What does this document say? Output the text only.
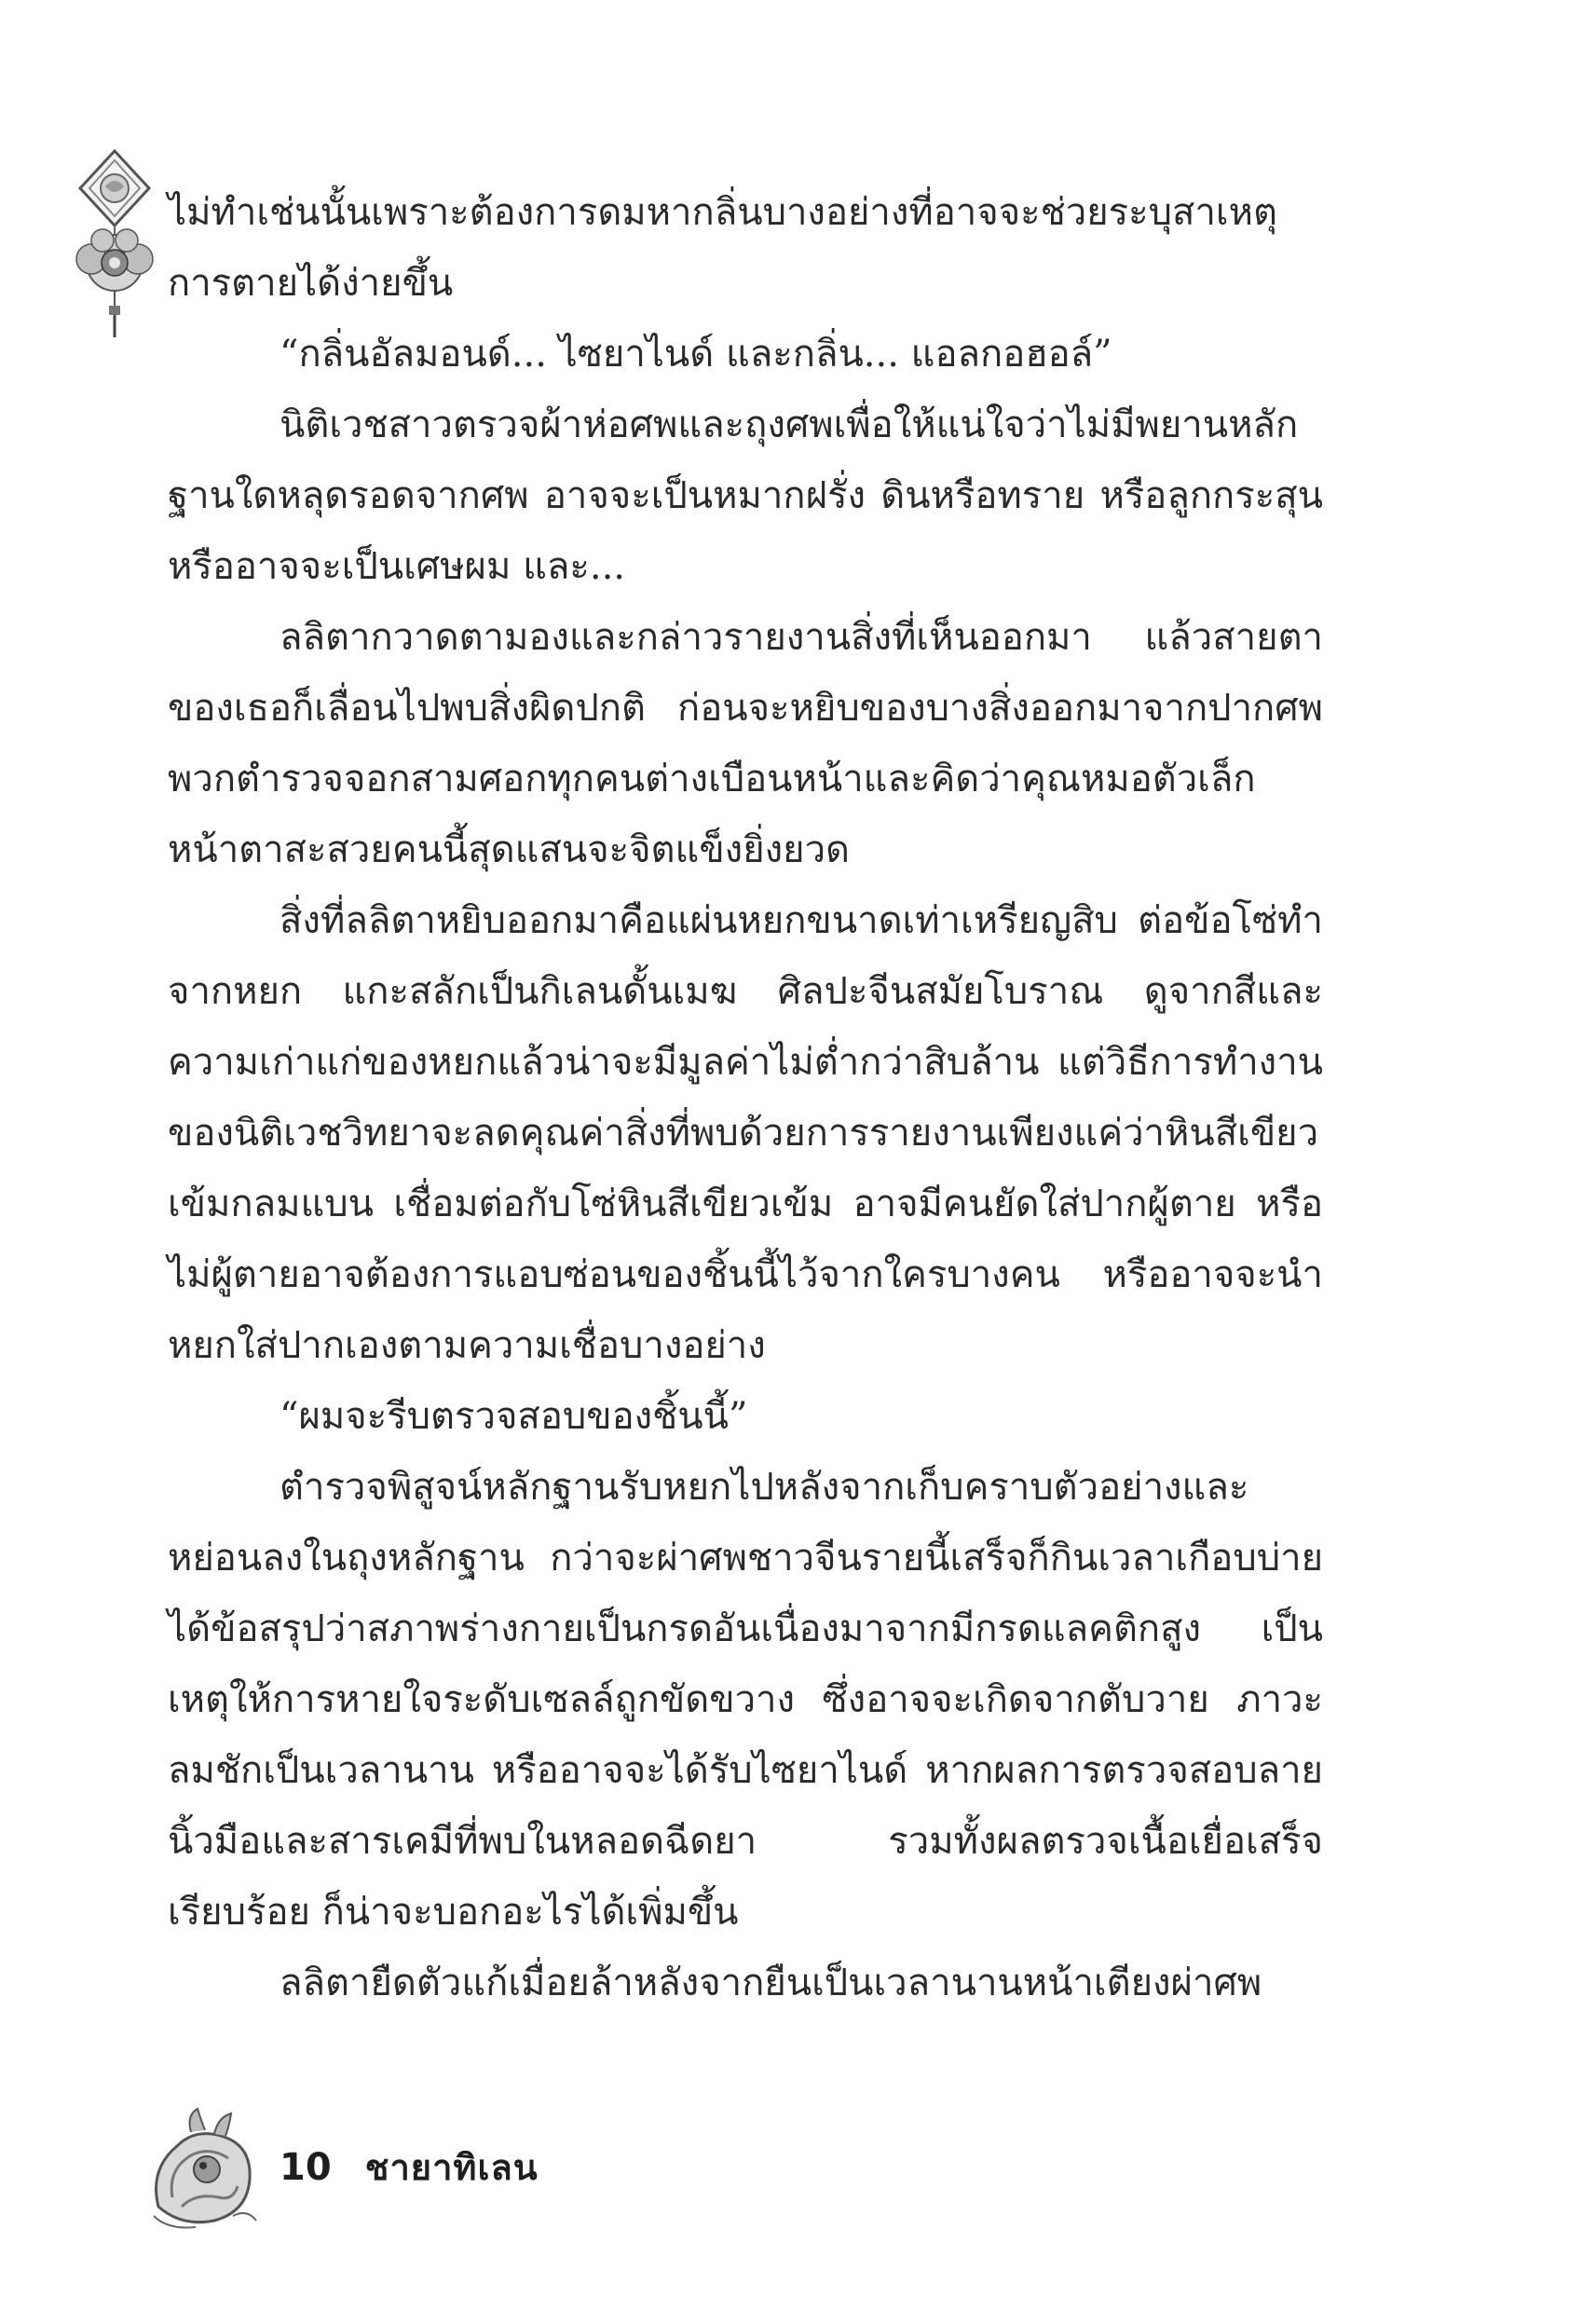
ไม่ทำเช่นนั้นเพราะต้องการดมหากลิ่นบางอย่างที่อาจจะช่วยระบุสาเหตุการตายได้ง่ายขึ้น

“กลิ่นอัลมอนด์... ไซยาไนด์ และกลิ่น... แอลกอฮอล์”

นิติเวชสาวตรวจผ้าห่อศพและถุงศพเพื่อให้แน่ใจว่าไม่มีพยานหลักฐานใดหลุดรอดจากศพ อาจจะเป็นหมากฝรั่ง ดินหรือทราย หรือลูกกระสุน หรืออาจจะเป็นเศษผม และ...

ลลิตากวาดตามองและกล่าวรายงานสิ่งที่เห็นออกมา แล้วสายตาของเธอก็เลื่อนไปพบสิ่งผิดปกติ ก่อนจะหยิบของบางสิ่งออกมาจากปากศพ พวกตำรวจจอกสามศอกทุกคนต่างเบือนหน้าและคิดว่าคุณหมอตัวเล็กหน้าตาสะสวยคนนี้สุดแสนจะจิตแข็งยิ่งยวด

สิ่งที่ลลิตาหยิบออกมาคือแผ่นหยกขนาดเท่าเหรียญสิบ ต่อข้อโซ่ทำจากหยก แกะสลักเป็นกิเลนดั้นเมฆ ศิลปะจีนสมัยโบราณ ดูจากสีและความเก่าแก่ของหยกแล้วน่าจะมีมูลค่าไม่ต่ำกว่าสิบล้าน แต่วิธีการทำงานของนิติเวชวิทยาจะลดคุณค่าสิ่งที่พบด้วยการรายงานเพียงแค่ว่าหินสีเขียวเข้มกลมแบน เชื่อมต่อกับโซ่หินสีเขียวเข้ม อาจมีคนยัดใส่ปากผู้ตาย หรือไม่ผู้ตายอาจต้องการแอบซ่อนของชิ้นนี้ไว้จากใครบางคน หรืออาจจะนำหยกใส่ปากเองตามความเชื่อบางอย่าง

“ผมจะรีบตรวจสอบของชิ้นนี้”

ตำรวจพิสูจน์หลักฐานรับหยกไปหลังจากเก็บคราบตัวอย่างและหย่อนลงในถุงหลักฐาน กว่าจะผ่าศพชาวจีนรายนี้เสร็จก็กินเวลาเกือบบ่าย ได้ข้อสรุปว่าสภาพร่างกายเป็นกรดอันเนื่องมาจากมีกรดแลคติกสูง เป็นเหตุให้การหายใจระดับเซลล์ถูกขัดขวาง ซึ่งอาจจะเกิดจากตับวาย ภาวะลมชักเป็นเวลานาน หรืออาจจะได้รับไซยาไนด์ หากผลการตรวจสอบลายนิ้วมือและสารเคมีที่พบในหลอดฉีดยา รวมทั้งผลตรวจเนื้อเยื่อเสร็จเรียบร้อย ก็น่าจะบอกอะไรได้เพิ่มขึ้น

ลลิตายืดตัวแก้เมื่อยล้าหลังจากยืนเป็นเวลานานหน้าเตียงผ่าศพ

10 ชายาทิเลน
